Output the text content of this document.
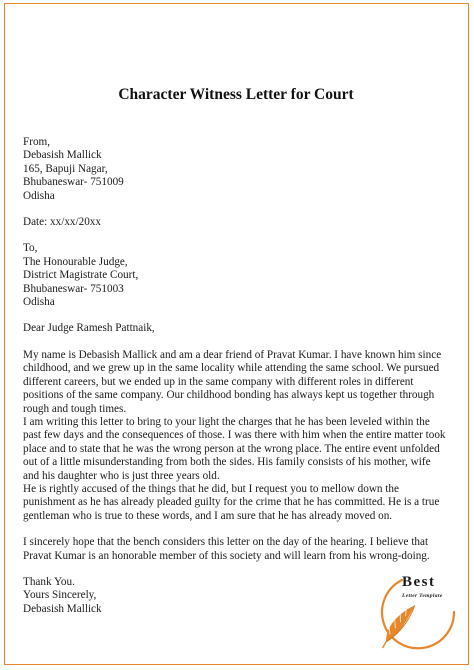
Character Witness Letter for Court
From,
Debasish Mallick
165, Bapuji Nagar,
Bhubaneswar- 751009
Odisha
Date: xx/xx/20xx
To,
The Honourable Judge,
District Magistrate Court,
Bhubaneswar- 751003
Odisha
Dear Judge Ramesh Pattnaik,
My name is Debasish Mallick and am a dear friend of Pravat Kumar. I have known him since
childhood, and we grew up in the same locality while attending the same school. We pursued
different careers, but we ended up in the same company with different roles in different
positions of the same company. Our childhood bonding has always kept us together through
rough and tough times.
I am writing this letter to bring to your light the charges that he has been leveled within the
past few days and the consequences of those. I was there with him when the entire matter took
place and to state that he was the wrong person at the wrong place. The entire event unfolded
out of a little misunderstanding from both the sides. His family consists of his mother, wife
and his daughter who is just three years old.
He is rightly accused of the things that he did, but I request you to mellow down the
punishment as he has already pleaded guilty for the crime that he has committed. He is a true
gentleman who is true to these words, and I am sure that he has already moved on.
I sincerely hope that the bench considers this letter on the day of the hearing. I believe that
Pravat Kumar is an honorable member of this society and will learn from his wrong-doing.
Thank You.
Yours Sincerely,
Debasish Mallick
Best
Letter Template
